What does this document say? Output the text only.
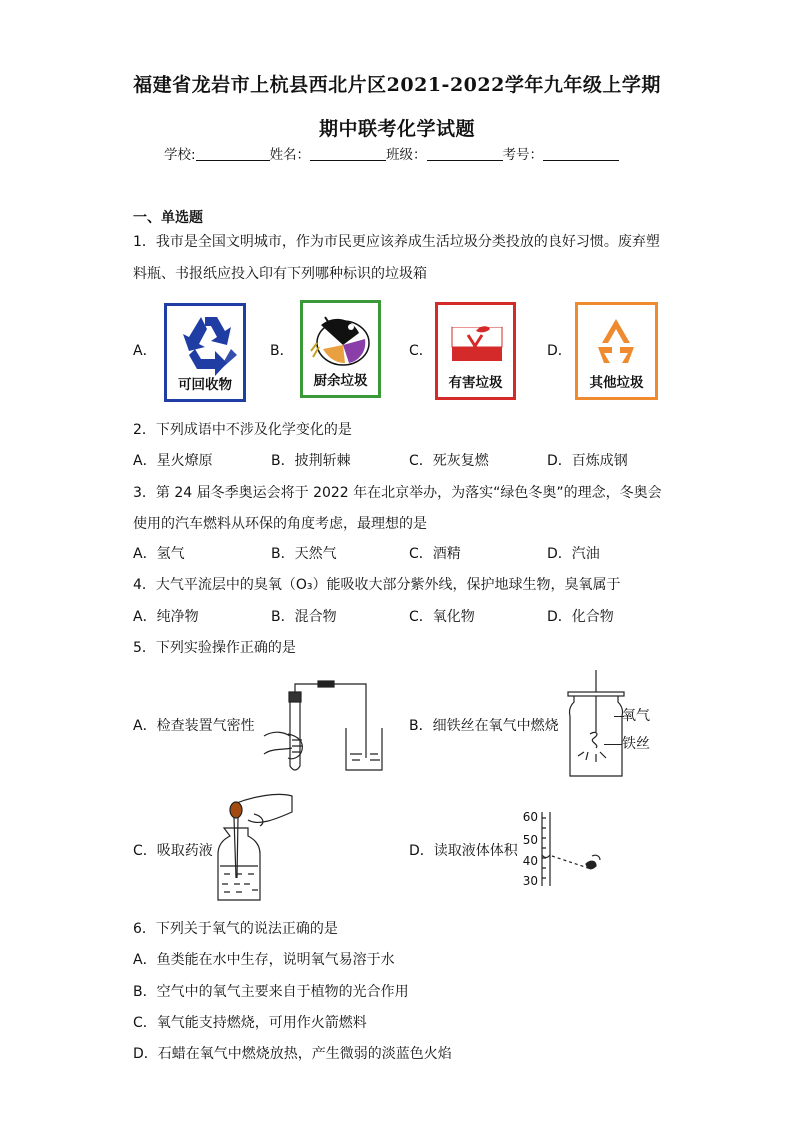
福建省龙岩市上杭县西北片区2021-2022学年九年级上学期
期中联考化学试题
学校:	姓名：	班级：	考号：
一、单选题
1．我市是全国文明城市，作为市民更应该养成生活垃圾分类投放的良好习惯。废弃塑
料瓶、书报纸应投入印有下列哪种标识的垃圾箱
A．
可回收物
B．
厨余垃圾
C．
有害垃圾
D．
其他垃圾
2．下列成语中不涉及化学变化的是
A．星火燎原	B．披荆斩棘	C．死灰复燃	D．百炼成钢
3．第 24 届冬季奥运会将于 2022 年在北京举办，为落实“绿色冬奥”的理念，冬奥会
使用的汽车燃料从环保的角度考虑，最理想的是
A．氢气	B．天然气	C．酒精	D．汽油
4．大气平流层中的臭氧（O₃）能吸收大部分紫外线，保护地球生物，臭氧属于
A．纯净物	B．混合物	C．氧化物	D．化合物
5．下列实验操作正确的是
A．检查装置气密性	B．细铁丝在氧气中燃烧
氧气
铁丝
C．吸取药液	D．读取液体体积
60
50
40
30
6．下列关于氧气的说法正确的是
A．鱼类能在水中生存，说明氧气易溶于水
B．空气中的氧气主要来自于植物的光合作用
C．氧气能支持燃烧，可用作火箭燃料
D．石蜡在氧气中燃烧放热，产生微弱的淡蓝色火焰
